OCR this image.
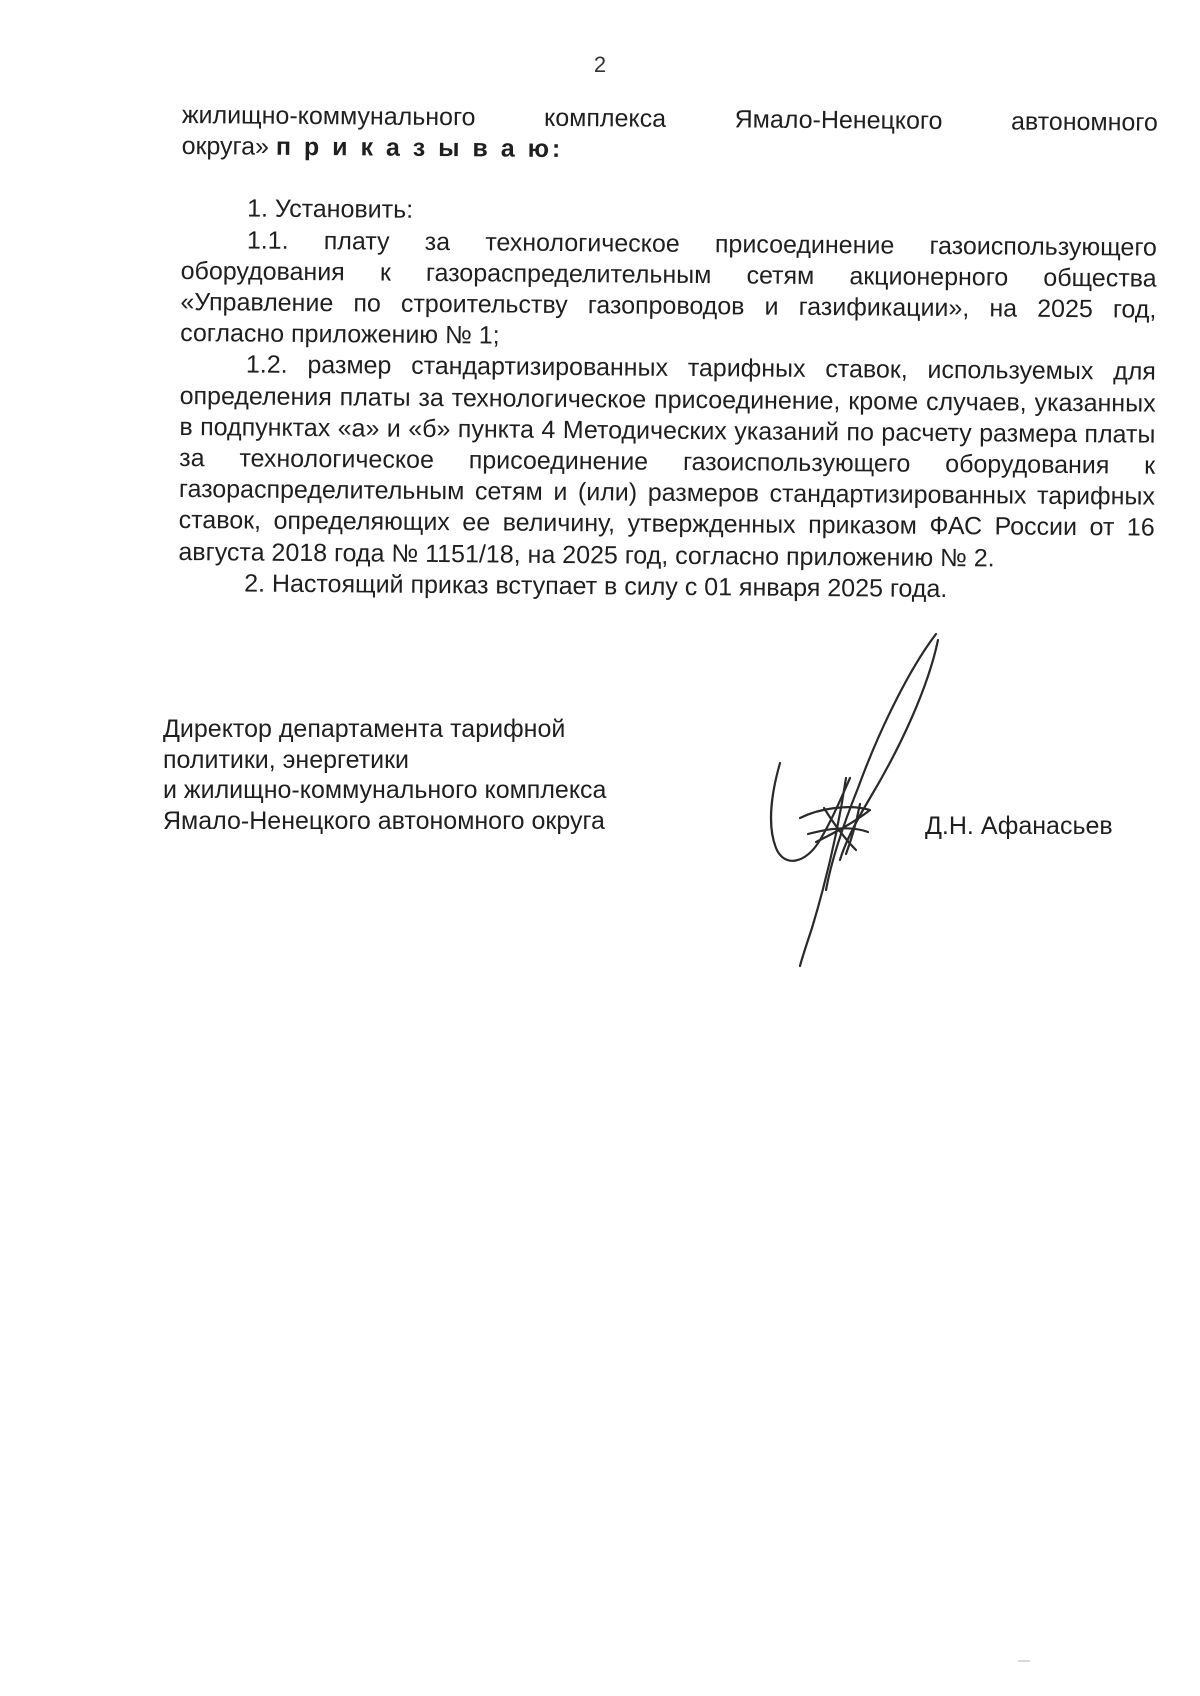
2

жилищно-коммунального комплекса Ямало-Ненецкого автономного

округа» п р и к а з ы в а ю:

1. Установить:

1.1. плату за технологическое присоединение газоиспользующего оборудования к газораспределительным сетям акционерного общества «Управление по строительству газопроводов и газификации», на 2025 год, согласно приложению № 1;

1.2. размер стандартизированных тарифных ставок, используемых для определения платы за технологическое присоединение, кроме случаев, указанных в подпунктах «а» и «б» пункта 4 Методических указаний по расчету размера платы за технологическое присоединение газоиспользующего оборудования к газораспределительным сетям и (или) размеров стандартизированных тарифных ставок, определяющих ее величину, утвержденных приказом ФАС России от 16 августа 2018 года № 1151/18, на 2025 год, согласно приложению № 2.

2. Настоящий приказ вступает в силу с 01 января 2025 года.

Директор департамента тарифной
политики, энергетики
и жилищно-коммунального комплекса
Ямало-Ненецкого автономного округа	Д.Н. Афанасьев
